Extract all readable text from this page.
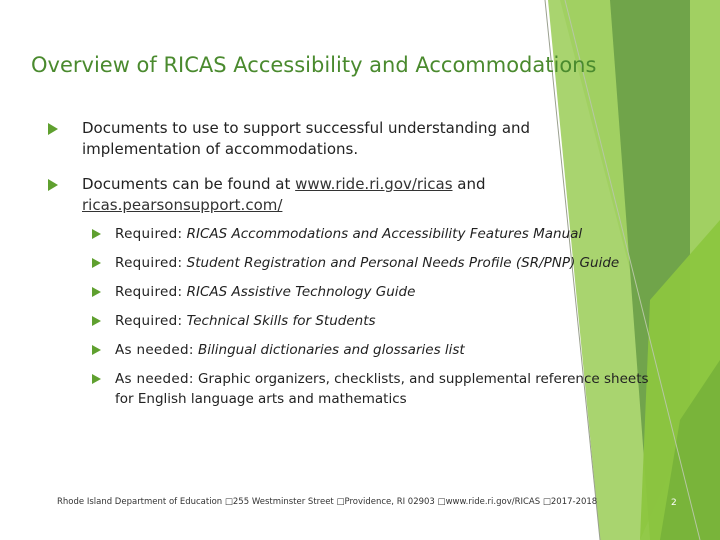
Overview of RICAS Accessibility and Accommodations
Documents to use to support successful understanding and implementation of accommodations.
Documents can be found at www.ride.ri.gov/ricas and ricas.pearsonsupport.com/
Required: RICAS Accommodations and Accessibility Features Manual
Required: Student Registration and Personal Needs Profile (SR/PNP) Guide
Required: RICAS Assistive Technology Guide
Required: Technical Skills for Students
As needed: Bilingual dictionaries and glossaries list
As needed: Graphic organizers, checklists, and supplemental reference sheets for English language arts and mathematics
Rhode Island Department of Education □255 Westminster Street □Providence, RI 02903 □www.ride.ri.gov/RICAS □2017-2018	2
